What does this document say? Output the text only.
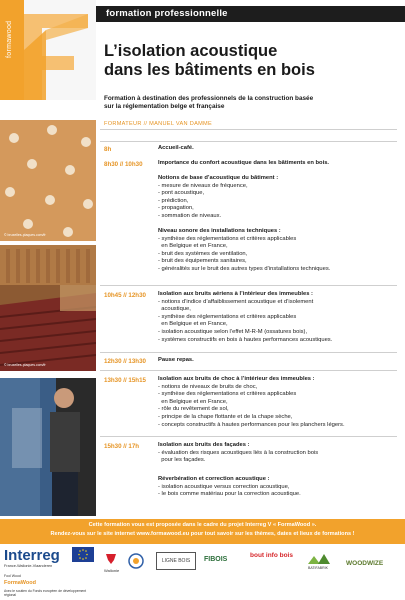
formawood
formation professionnelle
L’isolation acoustique
dans les bâtiments en bois
Formation à destination des professionnels de la construction basée
sur la réglementation belge et française
FORMATEUR // MANUEL VAN DAMME
© bruxelles-plaques.com/fr
© bruxelles-plaques.com/fr
8h	Accueil-café.
8h30 // 10h30	Importance du confort acoustique dans les bâtiments en bois.
Notions de base d’acoustique du bâtiment :
- mesure de niveaux de fréquence,
- pont acoustique,
- prédiction,
- propagation,
- sommation de niveaux.
Niveau sonore des installations techniques :
- synthèse des réglementations et critères applicables
en Belgique et en France,
- bruit des systèmes de ventilation,
- bruit des équipements sanitaires,
- généralités sur le bruit des autres types d’installations techniques.
10h45 // 12h30 Isolation aux bruits aériens à l’intérieur des immeubles :
- notions d’indice d’affaiblissement acoustique et d’isolement
acoustique,
- synthèse des réglementations et critères applicables
en Belgique et en France,
- isolation acoustique selon l’effet M-R-M (ossatures bois),
- systèmes constructifs en bois à hautes performances acoustiques.
12h30 // 13h30 Pause repas.
13h30 // 15h15 Isolation aux bruits de choc à l’intérieur des immeubles :
- notions de niveaux de bruits de choc,
- synthèse des réglementations et critères applicables
en Belgique et en France,
- rôle du revêtement de sol,
- principe de la chape flottante et de la chape sèche,
- concepts constructifs à hautes performances pour les planchers légers.
15h30 // 17h	Isolation aux bruits des façades :
- évaluation des risques acoustiques liés à la construction bois
pour les façades.
Réverbération et correction acoustique :
- isolation acoustique versus correction acoustique,
- le bois comme matériau pour la correction acoustique.
Cette formation vous est proposée dans le cadre du projet Interreg V « FormaWood ».
Rendez-vous sur le site internet www.formawood.eu pour tout savoir sur les thèmes, dates et lieux de formations !
Interreg
France-Wallonie-Vlaanderen
Fool Wood
FormaWood
Avec le soutien du Fonds européen de développement régional
Wallonie
LIGNE BOIS	FIBOIS
bout info bois
BATIFABRIK
WOODWIZE
